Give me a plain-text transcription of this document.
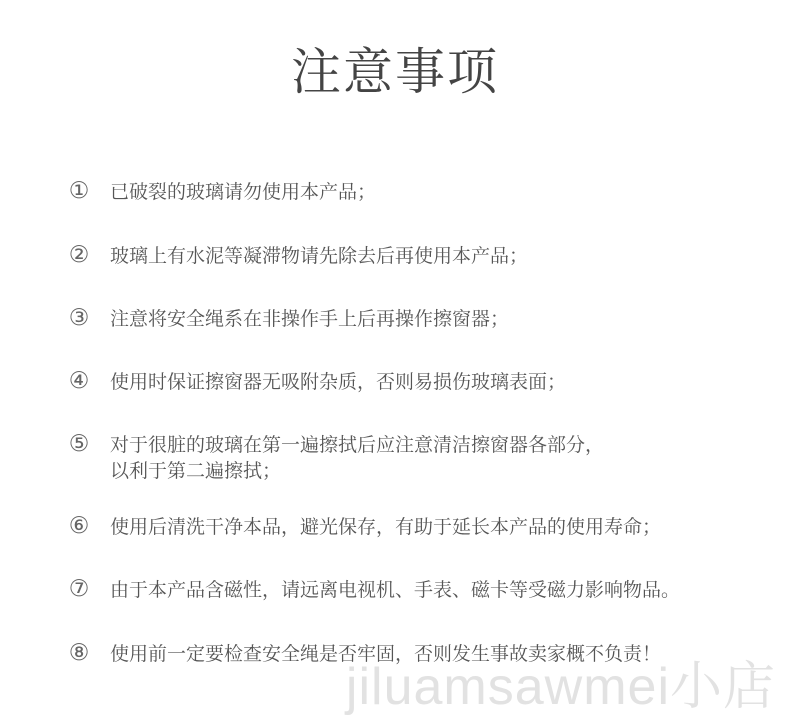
注意事项
① 已破裂的玻璃请勿使用本产品；
② 玻璃上有水泥等凝滞物请先除去后再使用本产品；
③ 注意将安全绳系在非操作手上后再操作擦窗器；
④ 使用时保证擦窗器无吸附杂质，否则易损伤玻璃表面；
⑤ 对于很脏的玻璃在第一遍擦拭后应注意清洁擦窗器各部分，
以利于第二遍擦拭；
⑥ 使用后清洗干净本品，避光保存，有助于延长本产品的使用寿命；
⑦ 由于本产品含磁性，请远离电视机、手表、磁卡等受磁力影响物品。
⑧ 使用前一定要检查安全绳是否牢固，否则发生事故卖家概不负责！
jiluamsawmei小店
